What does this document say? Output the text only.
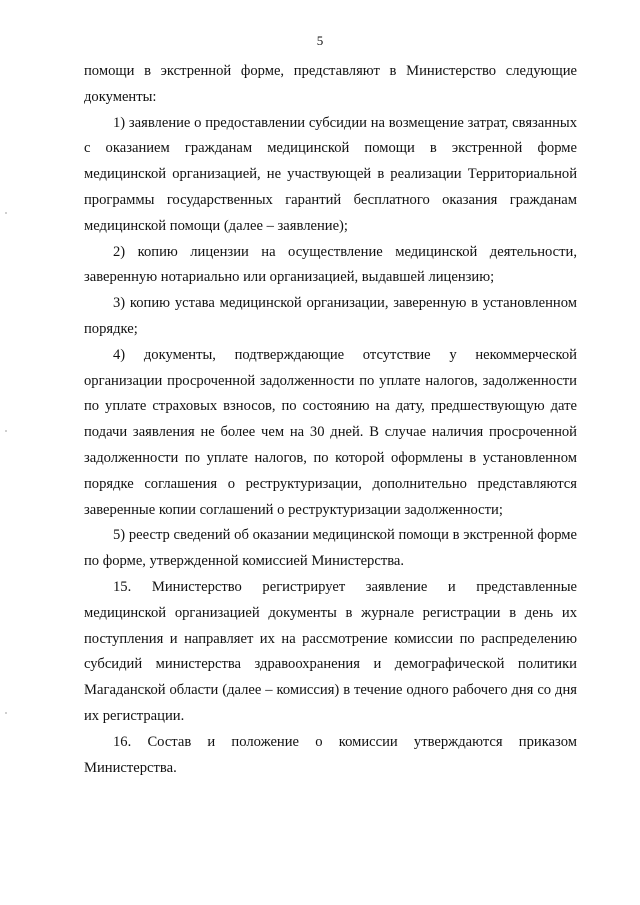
5

помощи в экстренной форме, представляют в Министерство следующие документы:

1) заявление о предоставлении субсидии на возмещение затрат, связанных с оказанием гражданам медицинской помощи в экстренной форме медицинской организацией, не участвующей в реализации Территориальной программы государственных гарантий бесплатного оказания гражданам медицинской помощи (далее – заявление);

2) копию лицензии на осуществление медицинской деятельности, заверенную нотариально или организацией, выдавшей лицензию;

3) копию устава медицинской организации, заверенную в установленном порядке;

4) документы, подтверждающие отсутствие у некоммерческой организации просроченной задолженности по уплате налогов, задолженности по уплате страховых взносов, по состоянию на дату, предшествующую дате подачи заявления не более чем на 30 дней. В случае наличия просроченной задолженности по уплате налогов, по которой оформлены в установленном порядке соглашения о реструктуризации, дополнительно представляются заверенные копии соглашений о реструктуризации задолженности;

5) реестр сведений об оказании медицинской помощи в экстренной форме по форме, утвержденной комиссией Министерства.

15. Министерство регистрирует заявление и представленные медицинской организацией документы в журнале регистрации в день их поступления и направляет их на рассмотрение комиссии по распределению субсидий министерства здравоохранения и демографической политики Магаданской области (далее – комиссия) в течение одного рабочего дня со дня их регистрации.

16. Состав и положение о комиссии утверждаются приказом Министерства.
